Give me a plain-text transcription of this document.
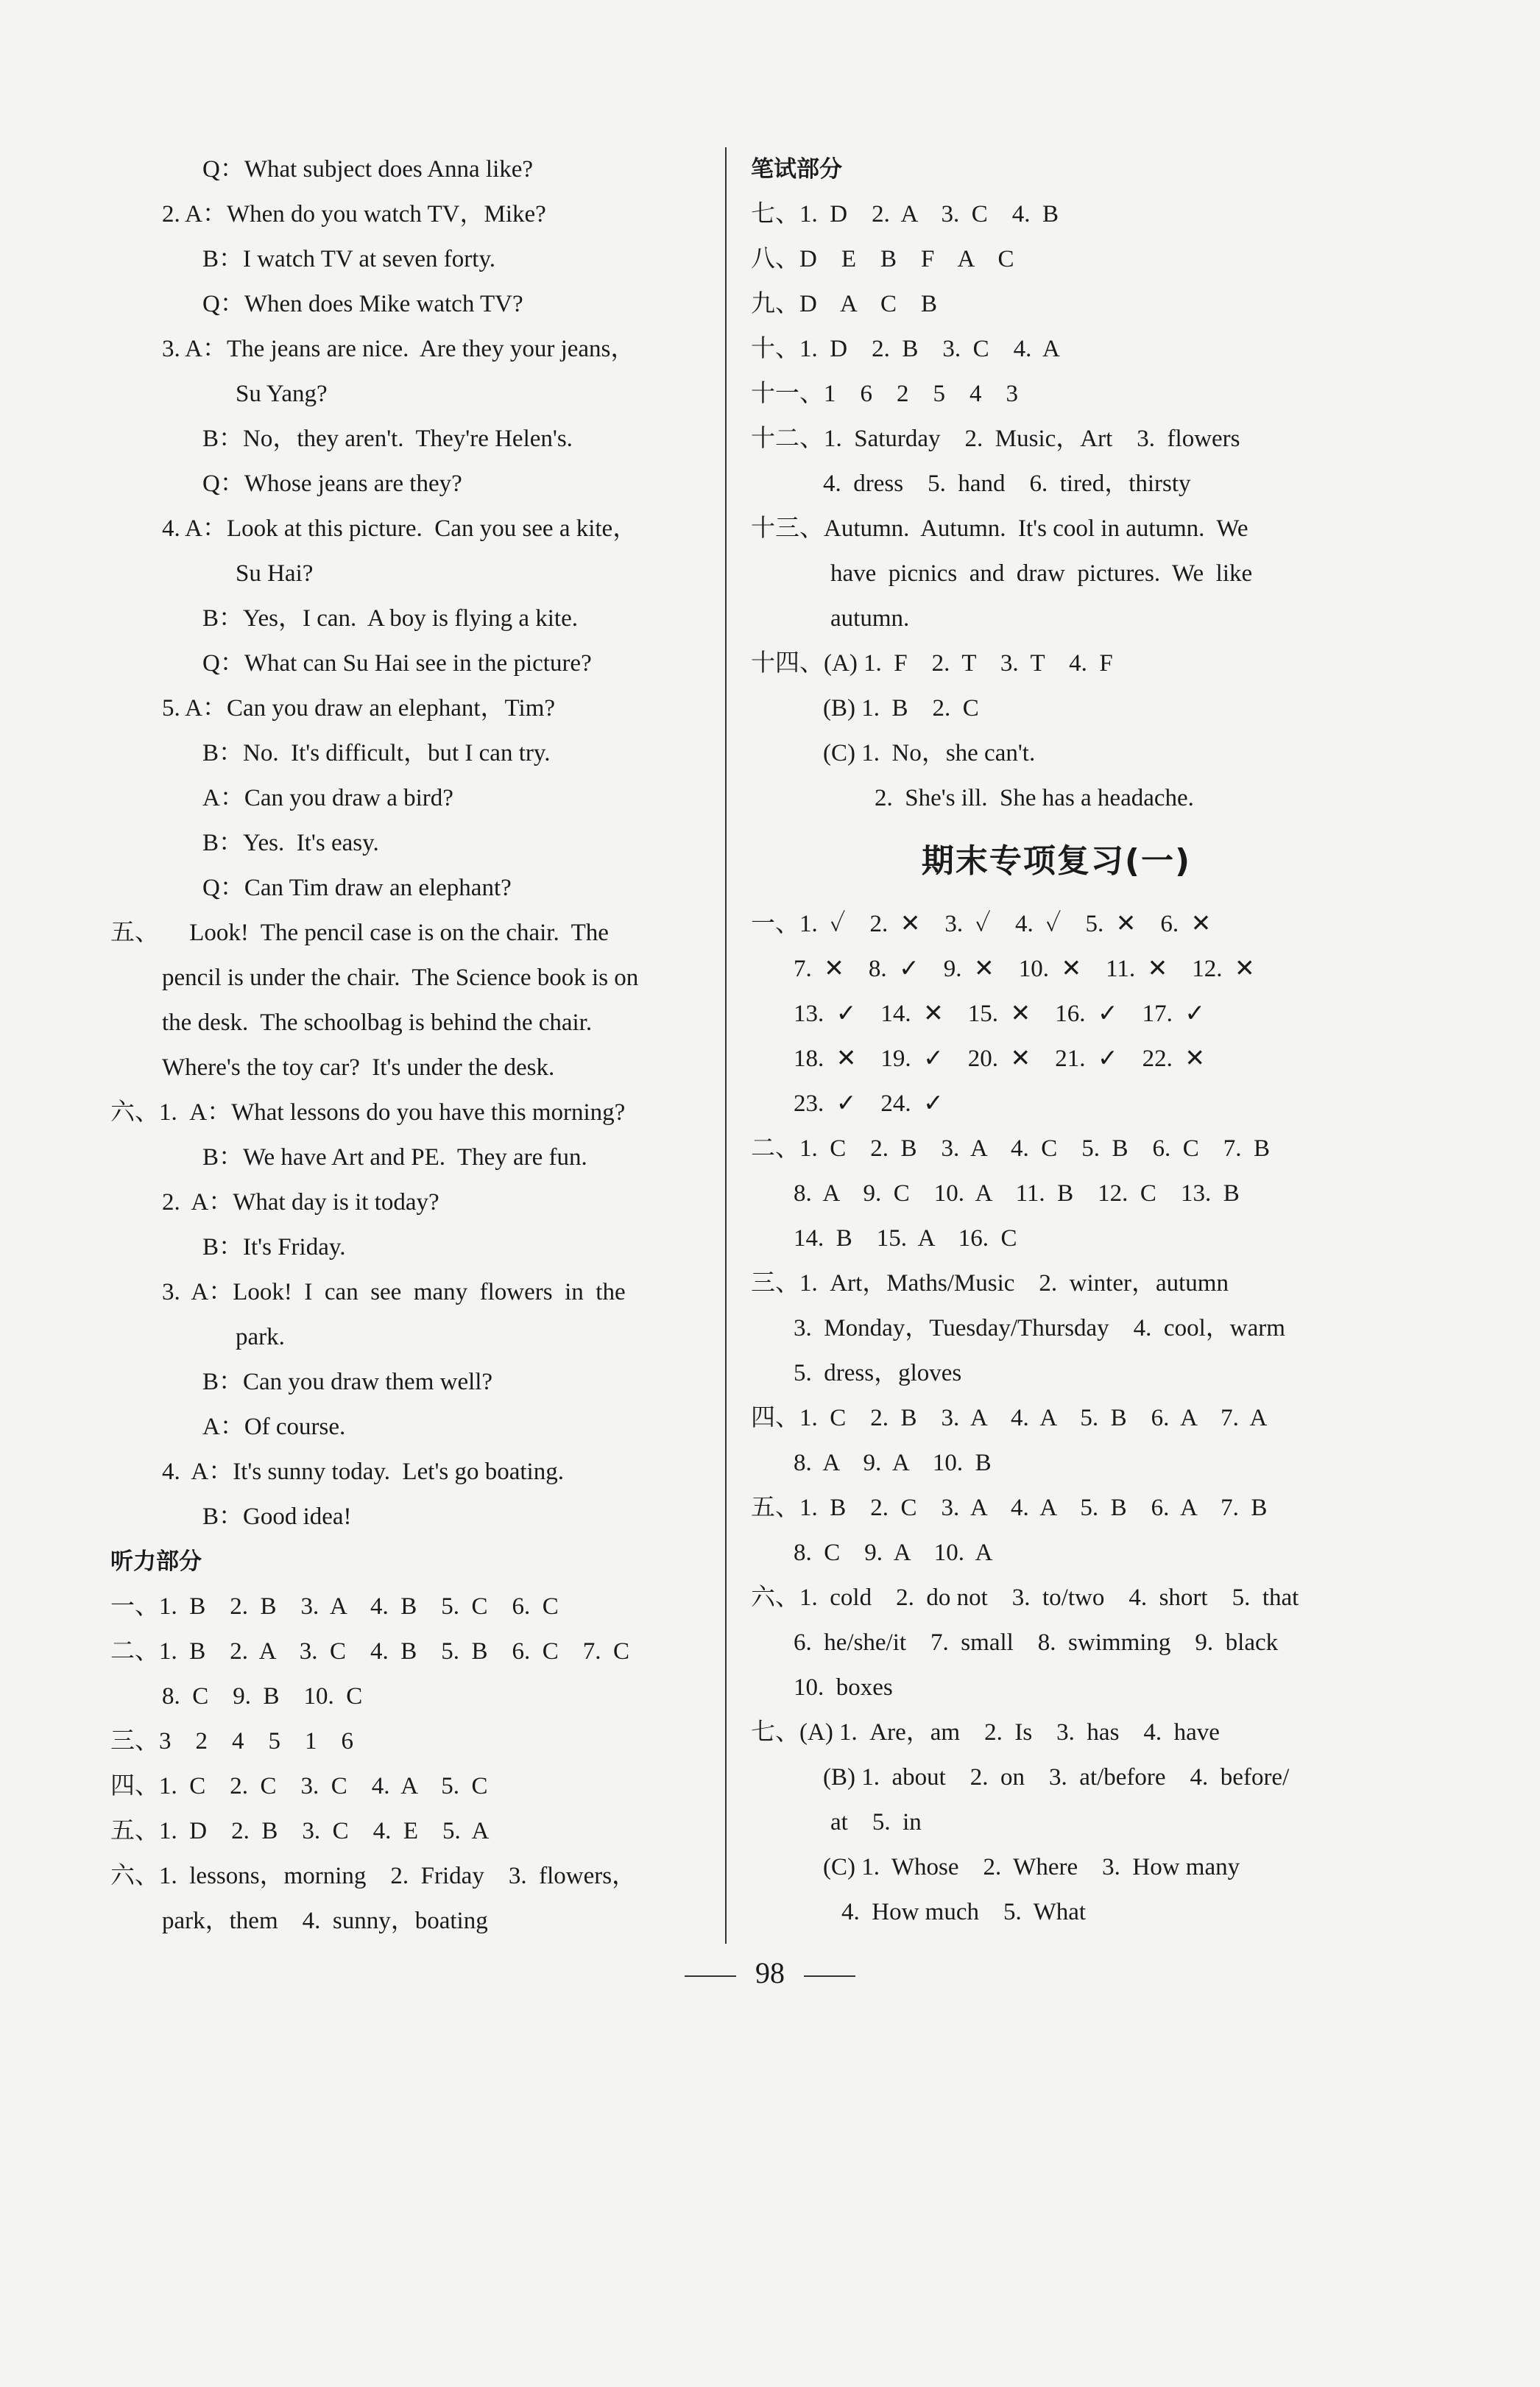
Q：What subject does Anna like?
2. A：When do you watch TV，Mike?
B：I watch TV at seven forty.
Q：When does Mike watch TV?
3. A：The jeans are nice.  Are they your jeans，
Su Yang?
B：No，they aren't.  They're Helen's.
Q：Whose jeans are they?
4. A：Look at this picture.  Can you see a kite，
Su Hai?
B：Yes，I can.  A boy is flying a kite.
Q：What can Su Hai see in the picture?
5. A：Can you draw an elephant，Tim?
B：No.  It's difficult，but I can try.
A：Can you draw a bird?
B：Yes.  It's easy.
Q：Can Tim draw an elephant?
五、     Look!  The pencil case is on the chair.  The
pencil is under the chair.  The Science book is on
the desk.  The schoolbag is behind the chair.
Where's the toy car?  It's under the desk.
六、1.  A：What lessons do you have this morning?
B：We have Art and PE.  They are fun.
2.  A：What day is it today?
B：It's Friday.
3.  A：Look!  I  can  see  many  flowers  in  the
park.
B：Can you draw them well?
A：Of course.
4.  A：It's sunny today.  Let's go boating.
B：Good idea!
听力部分
一、1.  B    2.  B    3.  A    4.  B    5.  C    6.  C
二、1.  B    2.  A    3.  C    4.  B    5.  B    6.  C    7.  C
8.  C    9.  B    10.  C
三、3    2    4    5    1    6
四、1.  C    2.  C    3.  C    4.  A    5.  C
五、1.  D    2.  B    3.  C    4.  E    5.  A
六、1.  lessons，morning    2.  Friday    3.  flowers，
park，them    4.  sunny，boating
笔试部分
七、1.  D    2.  A    3.  C    4.  B
八、D    E    B    F    A    C
九、D    A    C    B
十、1.  D    2.  B    3.  C    4.  A
十一、1    6    2    5    4    3
十二、1.  Saturday    2.  Music，Art    3.  flowers
4.  dress    5.  hand    6.  tired，thirsty
十三、Autumn.  Autumn.  It's cool in autumn.  We
have  picnics  and  draw  pictures.  We  like
autumn.
十四、(A) 1.  F    2.  T    3.  T    4.  F
(B) 1.  B    2.  C
(C) 1.  No，she can't.
2.  She's ill.  She has a headache.
期末专项复习(一)
一、1.  ✓    2.  ✕    3.  ✓    4.  ✓    5.  ✕    6.  ✕
7.  ✕    8.  ✓    9.  ✕    10.  ✕    11.  ✕    12.  ✕
13.  ✓    14.  ✕    15.  ✕    16.  ✓    17.  ✓
18.  ✕    19.  ✓    20.  ✕    21.  ✓    22.  ✕
23.  ✓    24.  ✓
二、1.  C    2.  B    3.  A    4.  C    5.  B    6.  C    7.  B
8.  A    9.  C    10.  A    11.  B    12.  C    13.  B
14.  B    15.  A    16.  C
三、1.  Art，Maths/Music    2.  winter，autumn
3.  Monday，Tuesday/Thursday    4.  cool，warm
5.  dress，gloves
四、1.  C    2.  B    3.  A    4.  A    5.  B    6.  A    7.  A
8.  A    9.  A    10.  B
五、1.  B    2.  C    3.  A    4.  A    5.  B    6.  A    7.  B
8.  C    9.  A    10.  A
六、1.  cold    2.  do not    3.  to/two    4.  short    5.  that
6.  he/she/it    7.  small    8.  swimming    9.  black
10.  boxes
七、(A) 1.  Are，am    2.  Is    3.  has    4.  have
(B) 1.  about    2.  on    3.  at/before    4.  before/
at    5.  in
(C) 1.  Whose    2.  Where    3.  How many
4.  How much    5.  What
98
